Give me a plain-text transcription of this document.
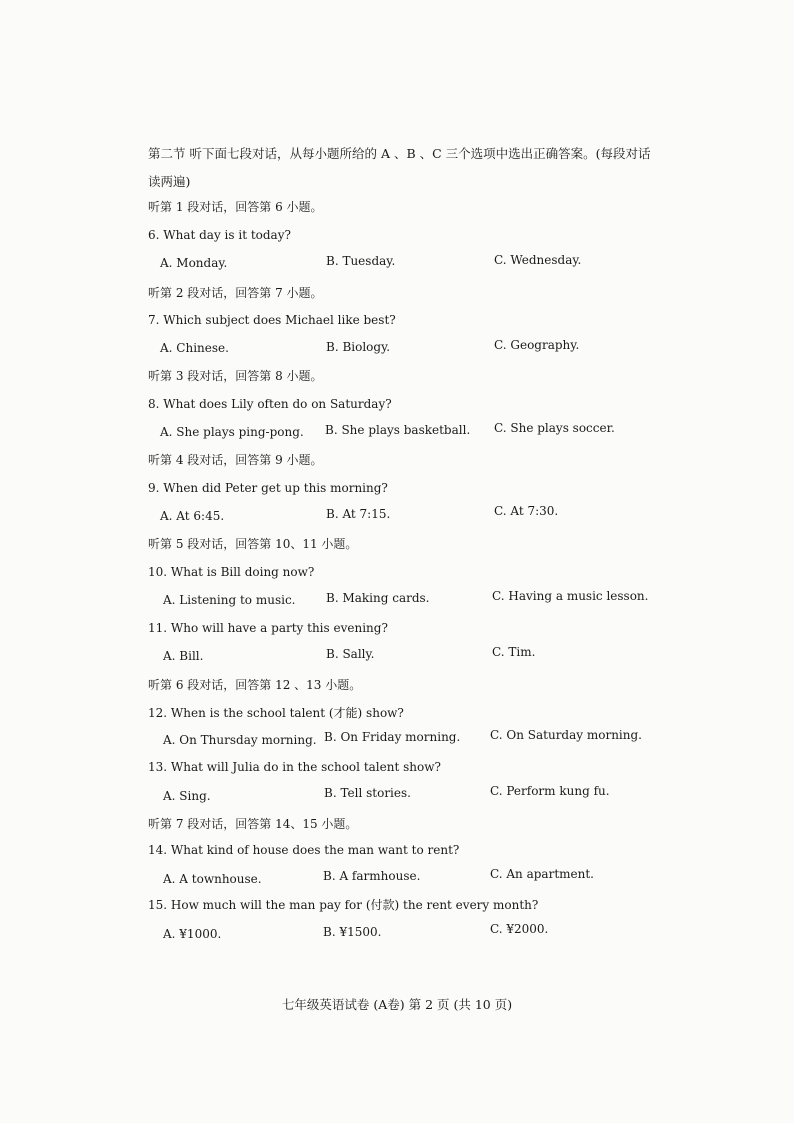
第二节 听下面七段对话，从每小题所给的 A 、B 、C 三个选项中选出正确答案。(每段对话读两遍)
听第 1 段对话，回答第 6 小题。
6. What day is it today?
A. Monday.	B. Tuesday.	C. Wednesday.
听第 2 段对话，回答第 7 小题。
7. Which subject does Michael like best?
A. Chinese.	B. Biology.	C. Geography.
听第 3 段对话，回答第 8 小题。
8. What does Lily often do on Saturday?
A. She plays ping-pong. B. She plays basketball. C. She plays soccer.
听第 4 段对话，回答第 9 小题。
9. When did Peter get up this morning?
A. At 6:45.	B. At 7:15.	C. At 7:30.
听第 5 段对话，回答第 10、11 小题。
10. What is Bill doing now?
A. Listening to music.	B. Making cards.	C. Having a music lesson.
11. Who will have a party this evening?
A. Bill.	B. Sally.	C. Tim.
听第 6 段对话，回答第 12 、13 小题。
12. When is the school talent (才能) show?
A. On Thursday morning. B. On Friday morning. C. On Saturday morning.
13. What will Julia do in the school talent show?
A. Sing.	B. Tell stories.	C. Perform kung fu.
听第 7 段对话，回答第 14、15 小题。
14. What kind of house does the man want to rent?
A. A townhouse.	B. A farmhouse.	C. An apartment.
15. How much will the man pay for (付款) the rent every month?
A. ¥1000.	B. ¥1500.	C. ¥2000.
七年级英语试卷 (A卷) 第 2 页 (共 10 页)
